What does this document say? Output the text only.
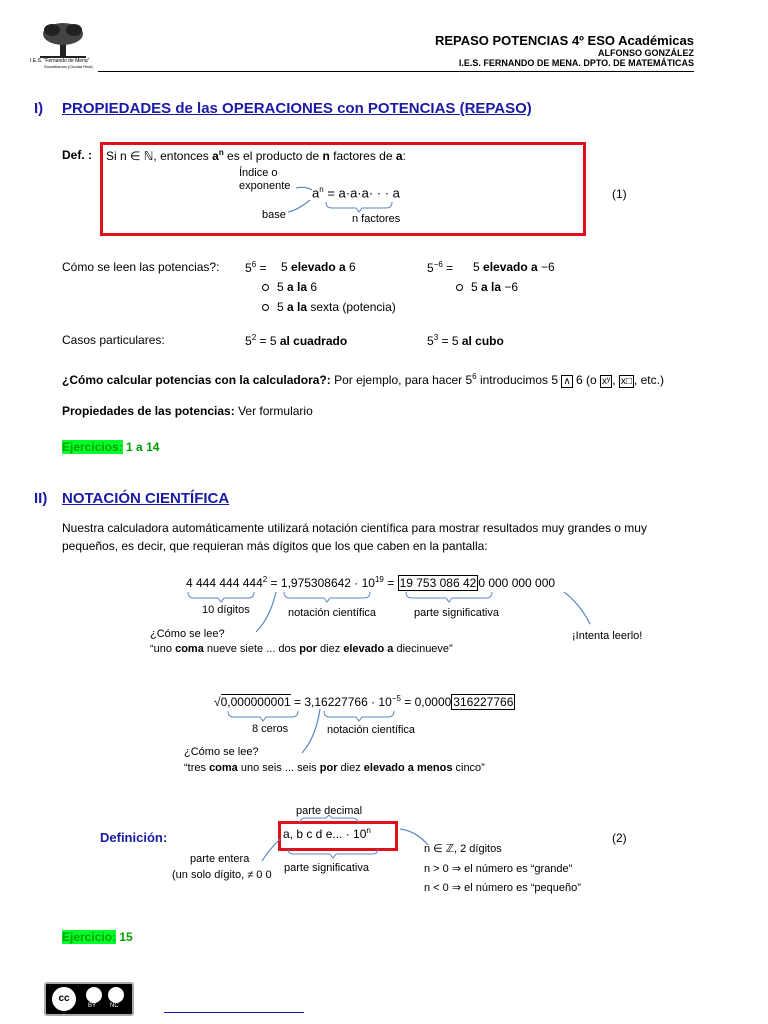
I.E.S. "Fernando de Mena"
Socuéllamos (Ciudad Real)
REPASO POTENCIAS 4º ESO Académicas
ALFONSO GONZÁLEZ
I.E.S. FERNANDO DE MENA. DPTO. DE MATEMÁTICAS
I) PROPIEDADES de las OPERACIONES con POTENCIAS (REPASO)
Def. : Si n ∈ ℕ, entonces $a^n$ es el producto de n factores de a:
Índice o
exponente $a^n = a\cdot a\cdot a\cdot$ · · a
base	n factores
(1)
Cómo se leen las potencias?: $5^6 = 5$ elevado a 6
5 a la 6
5 a la sexta (potencia)
$5^{-6} = 5$ elevado a −6
5 a la −6
Casos particulares:	$5^2 = 5$ al cuadrado	$5^3 = 5$ al cubo
¿Cómo calcular potencias con la calculadora?: Por ejemplo, para hacer $5^6$ introducimos 5 ∧ 6 (o xʸ , x□ , etc.)
Propiedades de las potencias: Ver formulario
Ejercicios: 1 a 14
II) NOTACIÓN CIENTÍFICA
Nuestra calculadora automáticamente utilizará notación científica para mostrar resultados muy grandes o muy
pequeños, es decir, que requieran más dígitos que los que caben en la pantalla:
4 444 444 $444^2 = 1,975308642 \cdot 10^{19} = 19$ 753 086 42 0 000 000 000
10 dígitos	notación científica	parte significativa
¡Intenta leerlo!
¿Cómo se lee?
“uno coma nueve siete ... dos por diez elevado a diecinueve”
$√0,000000001 = 3,16227766 \cdot 10^{-5} = 0,0000$ 316227766
8 ceros	notación científica
¿Cómo se lee?
“tres coma uno seis ... seis por diez elevado a menos cinco”
parte decimal
Definición:	a, b c d e... · $10^n$
parte entera
(un solo dígito, ≠ 0 0
parte significativa
n ∈ ℤ, 2 dígitos
n > 0 ⇒ el número es “grande”
n < 0 ⇒ el número es “pequeño”
(2)
Ejercicio: 15
cc
BY NC
